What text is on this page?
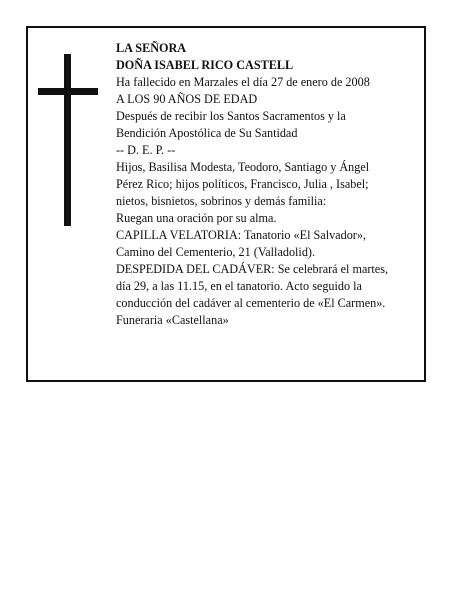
LA SEÑORA
DOÑA ISABEL RICO CASTELL
Ha fallecido en Marzales el día 27 de enero de 2008
A LOS 90 AÑOS DE EDAD
Después de recibir los Santos Sacramentos y la
Bendición Apostólica de Su Santidad
-- D. E. P. --
Hijos, Basilisa Modesta, Teodoro, Santiago y Ángel
Pérez Rico; hijos políticos, Francisco, Julia , Isabel;
nietos, bisnietos, sobrinos y demás familia:
Ruegan una oración por su alma.
CAPILLA VELATORIA: Tanatorio «El Salvador»,
Camino del Cementerio, 21 (Valladolid).
DESPEDIDA DEL CADÁVER: Se celebrará el martes,
día 29, a las 11.15, en el tanatorio. Acto seguido la
conducción del cadáver al cementerio de «El Carmen».
Funeraria «Castellana»
